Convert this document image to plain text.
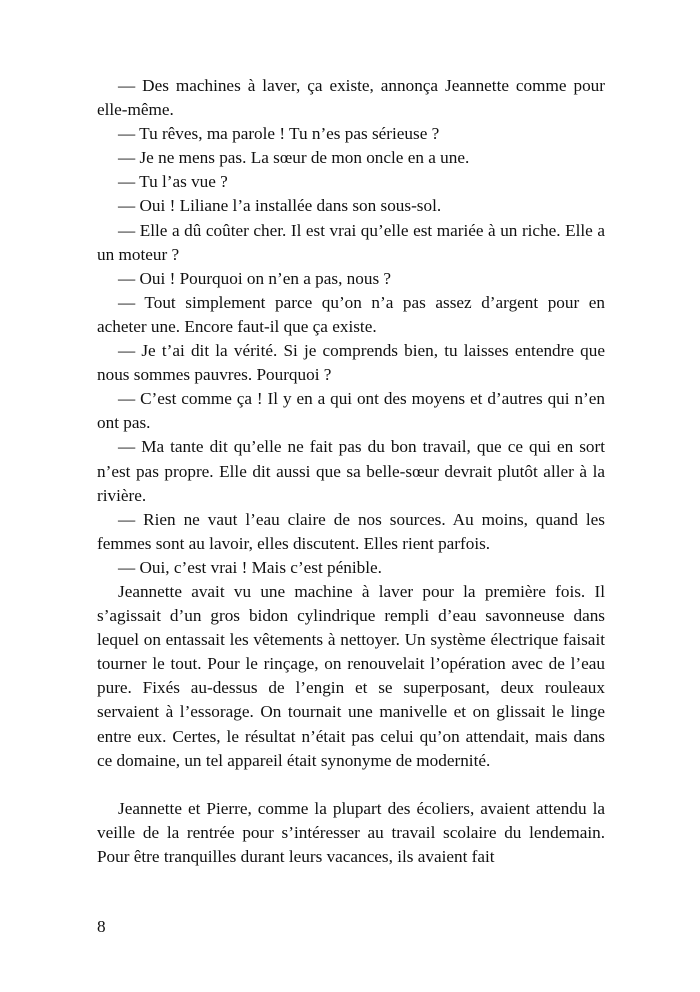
— Des machines à laver, ça existe, annonça Jeannette comme pour elle-même.

— Tu rêves, ma parole ! Tu n’es pas sérieuse ?

— Je ne mens pas. La sœur de mon oncle en a une.

— Tu l’as vue ?

— Oui ! Liliane l’a installée dans son sous-sol.

— Elle a dû coûter cher. Il est vrai qu’elle est mariée à un riche. Elle a un moteur ?

— Oui ! Pourquoi on n’en a pas, nous ?

— Tout simplement parce qu’on n’a pas assez d’argent pour en acheter une. Encore faut-il que ça existe.

— Je t’ai dit la vérité. Si je comprends bien, tu laisses entendre que nous sommes pauvres. Pourquoi ?

— C’est comme ça ! Il y en a qui ont des moyens et d’autres qui n’en ont pas.

— Ma tante dit qu’elle ne fait pas du bon travail, que ce qui en sort n’est pas propre. Elle dit aussi que sa belle-sœur devrait plutôt aller à la rivière.

— Rien ne vaut l’eau claire de nos sources. Au moins, quand les femmes sont au lavoir, elles discutent. Elles rient parfois.

— Oui, c’est vrai ! Mais c’est pénible.

Jeannette avait vu une machine à laver pour la première fois. Il s’agissait d’un gros bidon cylindrique rempli d’eau savonneuse dans lequel on entassait les vêtements à nettoyer. Un système électrique faisait tourner le tout. Pour le rinçage, on renouvelait l’opération avec de l’eau pure. Fixés au-dessus de l’engin et se superposant, deux rouleaux servaient à l’essorage. On tournait une manivelle et on glissait le linge entre eux. Certes, le résultat n’était pas celui qu’on attendait, mais dans ce domaine, un tel appareil était synonyme de modernité.

Jeannette et Pierre, comme la plupart des écoliers, avaient attendu la veille de la rentrée pour s’intéresser au travail scolaire du lendemain. Pour être tranquilles durant leurs vacances, ils avaient fait

8
